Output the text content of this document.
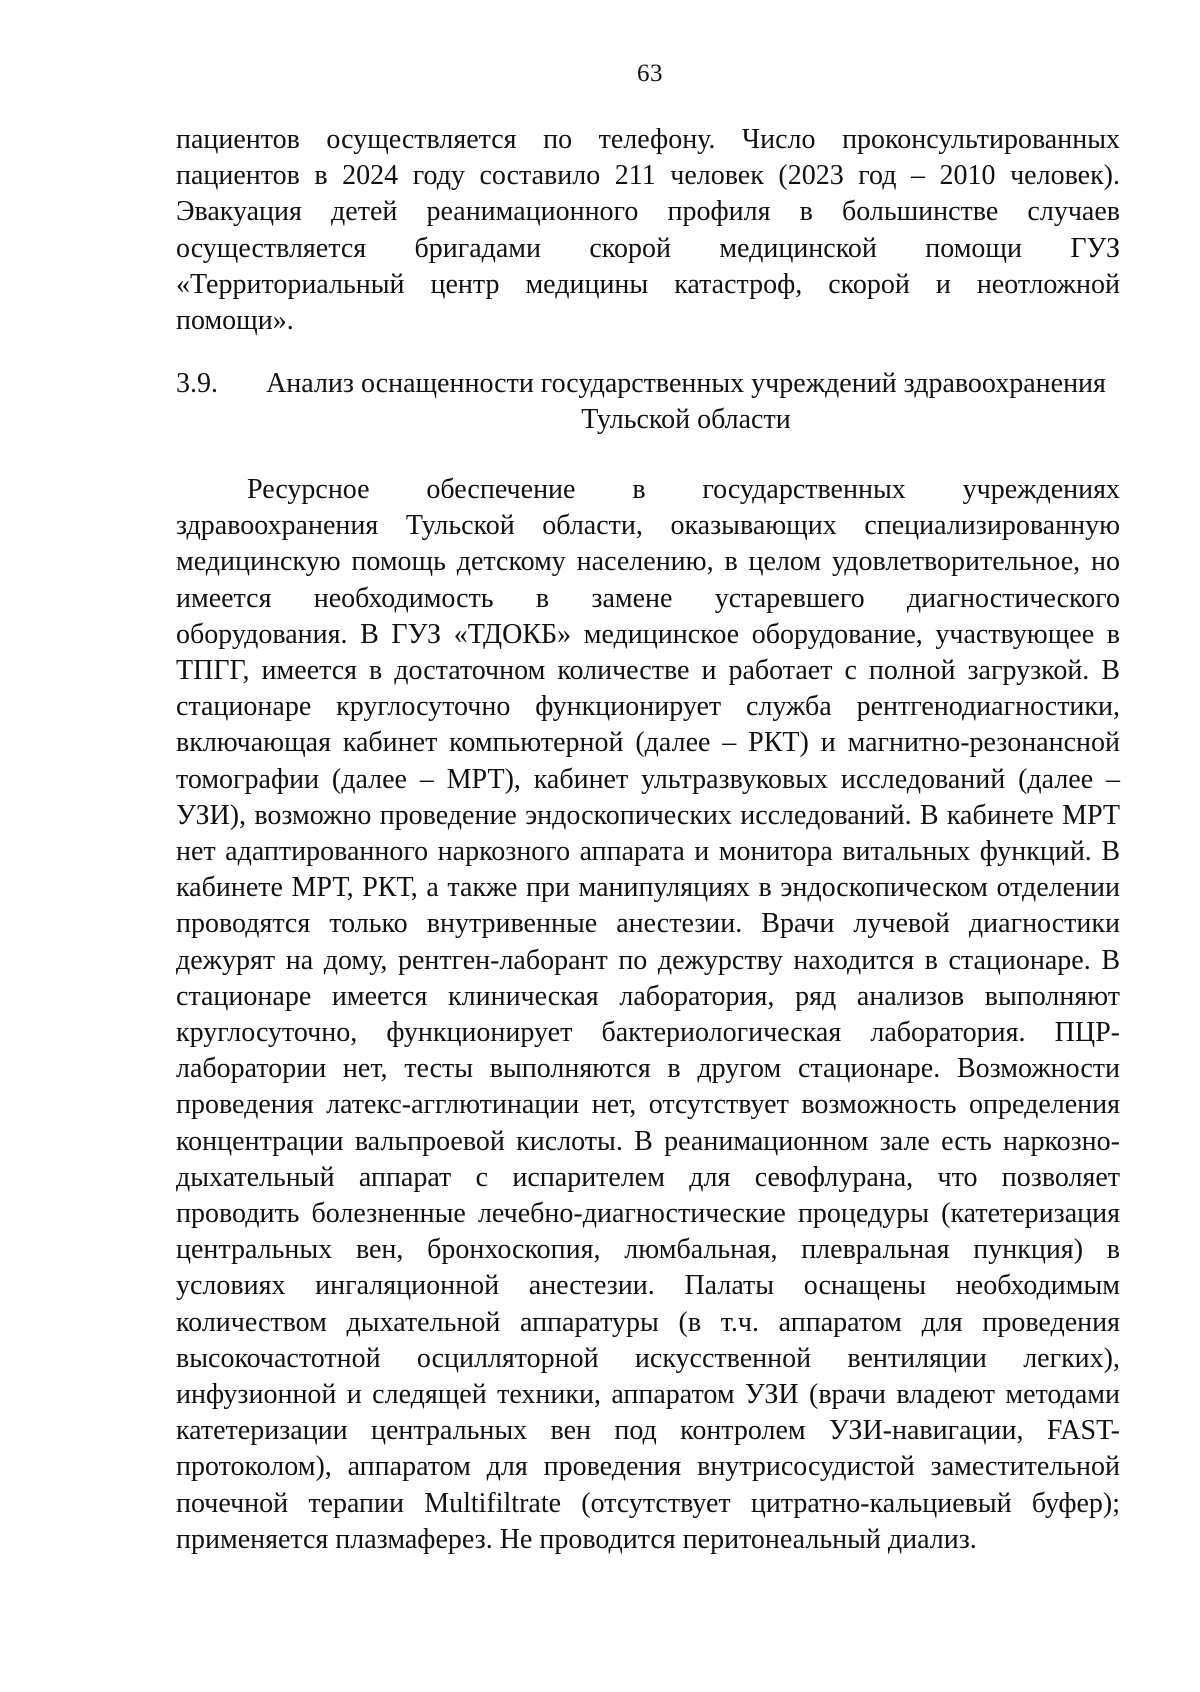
63

пациентов осуществляется по телефону. Число проконсультированных пациентов в 2024 году составило 211 человек (2023 год – 2010 человек). Эвакуация детей реанимационного профиля в большинстве случаев осуществляется бригадами скорой медицинской помощи ГУЗ «Территориальный центр медицины катастроф, скорой и неотложной помощи».

3.9.	Анализ оснащенности государственных учреждений здравоохранения
Тульской области

Ресурсное обеспечение в государственных учреждениях здравоохранения Тульской области, оказывающих специализированную медицинскую помощь детскому населению, в целом удовлетворительное, но имеется необходимость в замене устаревшего диагностического оборудования. В ГУЗ «ТДОКБ» медицинское оборудование, участвующее в ТПГГ, имеется в достаточном количестве и работает с полной загрузкой. В стационаре круглосуточно функционирует служба рентгенодиагностики, включающая кабинет компьютерной (далее – РКТ) и магнитно-резонансной томографии (далее – МРТ), кабинет ультразвуковых исследований (далее – УЗИ), возможно проведение эндоскопических исследований. В кабинете МРТ нет адаптированного наркозного аппарата и монитора витальных функций. В кабинете МРТ, РКТ, а также при манипуляциях в эндоскопическом отделении проводятся только внутривенные анестезии. Врачи лучевой диагностики дежурят на дому, рентген-лаборант по дежурству находится в стационаре. В стационаре имеется клиническая лаборатория, ряд анализов выполняют круглосуточно, функционирует бактериологическая лаборатория. ПЦР-лаборатории нет, тесты выполняются в другом стационаре. Возможности проведения латекс-агглютинации нет, отсутствует возможность определения концентрации вальпроевой кислоты. В реанимационном зале есть наркозно-дыхательный аппарат с испарителем для севофлурана, что позволяет проводить болезненные лечебно-диагностические процедуры (катетеризация центральных вен, бронхоскопия, люмбальная, плевральная пункция) в условиях ингаляционной анестезии. Палаты оснащены необходимым количеством дыхательной аппаратуры (в т.ч. аппаратом для проведения высокочастотной осцилляторной искусственной вентиляции легких), инфузионной и следящей техники, аппаратом УЗИ (врачи владеют методами катетеризации центральных вен под контролем УЗИ-навигации, FAST-протоколом), аппаратом для проведения внутрисосудистой заместительной почечной терапии Multifiltrate (отсутствует цитратно-кальциевый буфер); применяется плазмаферез. Не проводится перитонеальный диализ.
